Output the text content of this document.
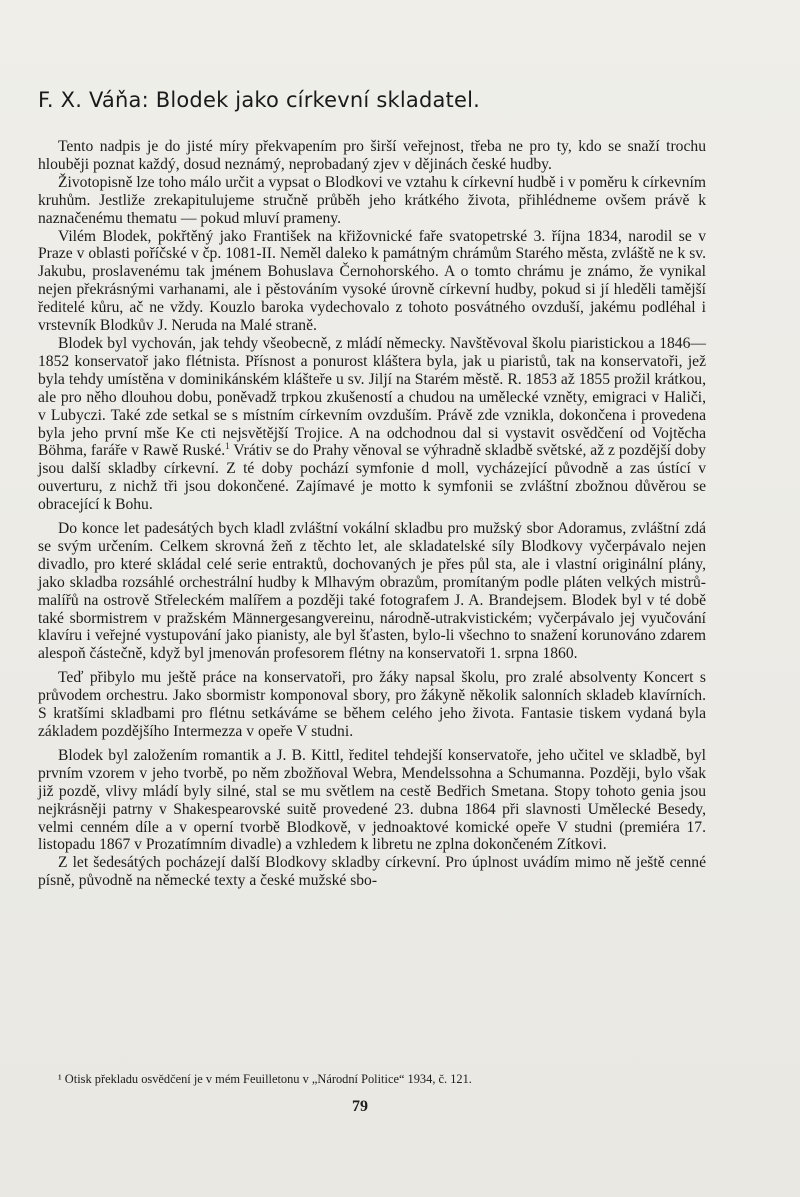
F. X. Váňa: Blodek jako církevní skladatel.

Tento nadpis je do jisté míry překvapením pro širší veřejnost, třeba ne pro ty, kdo se snaží trochu hlouběji poznat každý, dosud neznámý, neprobadaný zjev v dějinách české hudby.

Životopisně lze toho málo určit a vypsat o Blodkovi ve vztahu k církevní hudbě i v poměru k církevním kruhům. Jestliže zrekapitulujeme stručně průběh jeho krátkého života, přihlédneme ovšem právě k naznačenému thematu — pokud mluví prameny.

Vilém Blodek, pokřtěný jako František na křižovnické faře svatopetrské 3. října 1834, narodil se v Praze v oblasti poříčské v čp. 1081-II. Neměl daleko k památným chrámům Starého města, zvláště ne k sv. Jakubu, proslavenému tak jménem Bohuslava Černohorského. A o tomto chrámu je známo, že vynikal nejen překrásnými varhanami, ale i pěstováním vysoké úrovně církevní hudby, pokud si jí hleděli tamější ředitelé kůru, ač ne vždy. Kouzlo baroka vydechovalo z tohoto posvátného ovzduší, jakému podléhal i vrstevník Blodkův J. Neruda na Malé straně.

Blodek byl vychován, jak tehdy všeobecně, z mládí německy. Navštěvoval školu piaristickou a 1846—1852 konservatoř jako flétnista. Přísnost a ponurost kláštera byla, jak u piaristů, tak na konservatoři, jež byla tehdy umístěna v dominikánském klášteře u sv. Jiljí na Starém městě. R. 1853 až 1855 prožil krátkou, ale pro něho dlouhou dobu, poněvadž trpkou zkušeností a chudou na umělecké vzněty, emigraci v Haliči, v Lubyczi. Také zde setkal se s místním církevním ovzduším. Právě zde vznikla, dokončena i provedena byla jeho první mše Ke cti nejsvětější Trojice. A na odchodnou dal si vystavit osvědčení od Vojtěcha Böhma, faráře v Rawě Ruské.$^1$ Vrátiv se do Prahy věnoval se výhradně skladbě světské, až z pozdější doby jsou další skladby církevní. Z té doby pochází symfonie d moll, vycházející původně a zas ústící v ouverturu, z nichž tři jsou dokončené. Zajímavé je motto k symfonii se zvláštní zbožnou důvěrou se obracející k Bohu.

Do konce let padesátých bych kladl zvláštní vokální skladbu pro mužský sbor Adoramus, zvláštní zdá se svým určením. Celkem skrovná žeň z těchto let, ale skladatelské síly Blodkovy vyčerpávalo nejen divadlo, pro které skládal celé serie entraktů, dochovaných je přes půl sta, ale i vlastní originální plány, jako skladba rozsáhlé orchestrální hudby k Mlhavým obrazům, promítaným podle pláten velkých mistrů-malířů na ostrově Střeleckém malířem a později také fotografem J. A. Brandejsem. Blodek byl v té době také sbormistrem v pražském Männergesangvereinu, národně-utrakvistickém; vyčerpávalo jej vyučování klavíru i veřejné vystupování jako pianisty, ale byl šťasten, bylo-li všechno to snažení korunováno zdarem alespoň částečně, když byl jmenován profesorem flétny na konservatoři 1. srpna 1860.

Teď přibylo mu ještě práce na konservatoři, pro žáky napsal školu, pro zralé absolventy Koncert s průvodem orchestru. Jako sbormistr komponoval sbory, pro žákyně několik salonních skladeb klavírních. S kratšími skladbami pro flétnu setkáváme se během celého jeho života. Fantasie tiskem vydaná byla základem pozdějšího Intermezza v opeře V studni.

Blodek byl založením romantik a J. B. Kittl, ředitel tehdejší konservatoře, jeho učitel ve skladbě, byl prvním vzorem v jeho tvorbě, po něm zbožňoval Webra, Mendelssohna a Schumanna. Později, bylo však již pozdě, vlivy mládí byly silné, stal se mu světlem na cestě Bedřich Smetana. Stopy tohoto genia jsou nejkrásněji patrny v Shakespearovské suitě provedené 23. dubna 1864 při slavnosti Umělecké Besedy, velmi cenném díle a v operní tvorbě Blodkově, v jednoaktové komické opeře V studni (premiéra 17. listopadu 1867 v Prozatímním divadle) a vzhledem k libretu ne zplna dokončeném Zítkovi.

Z let šedesátých pocházejí další Blodkovy skladby církevní. Pro úplnost uvádím mimo ně ještě cenné písně, původně na německé texty a české mužské sbo-

¹ Otisk překladu osvědčení je v mém Feuilletonu v „Národní Politice“ 1934, č. 121.
79
